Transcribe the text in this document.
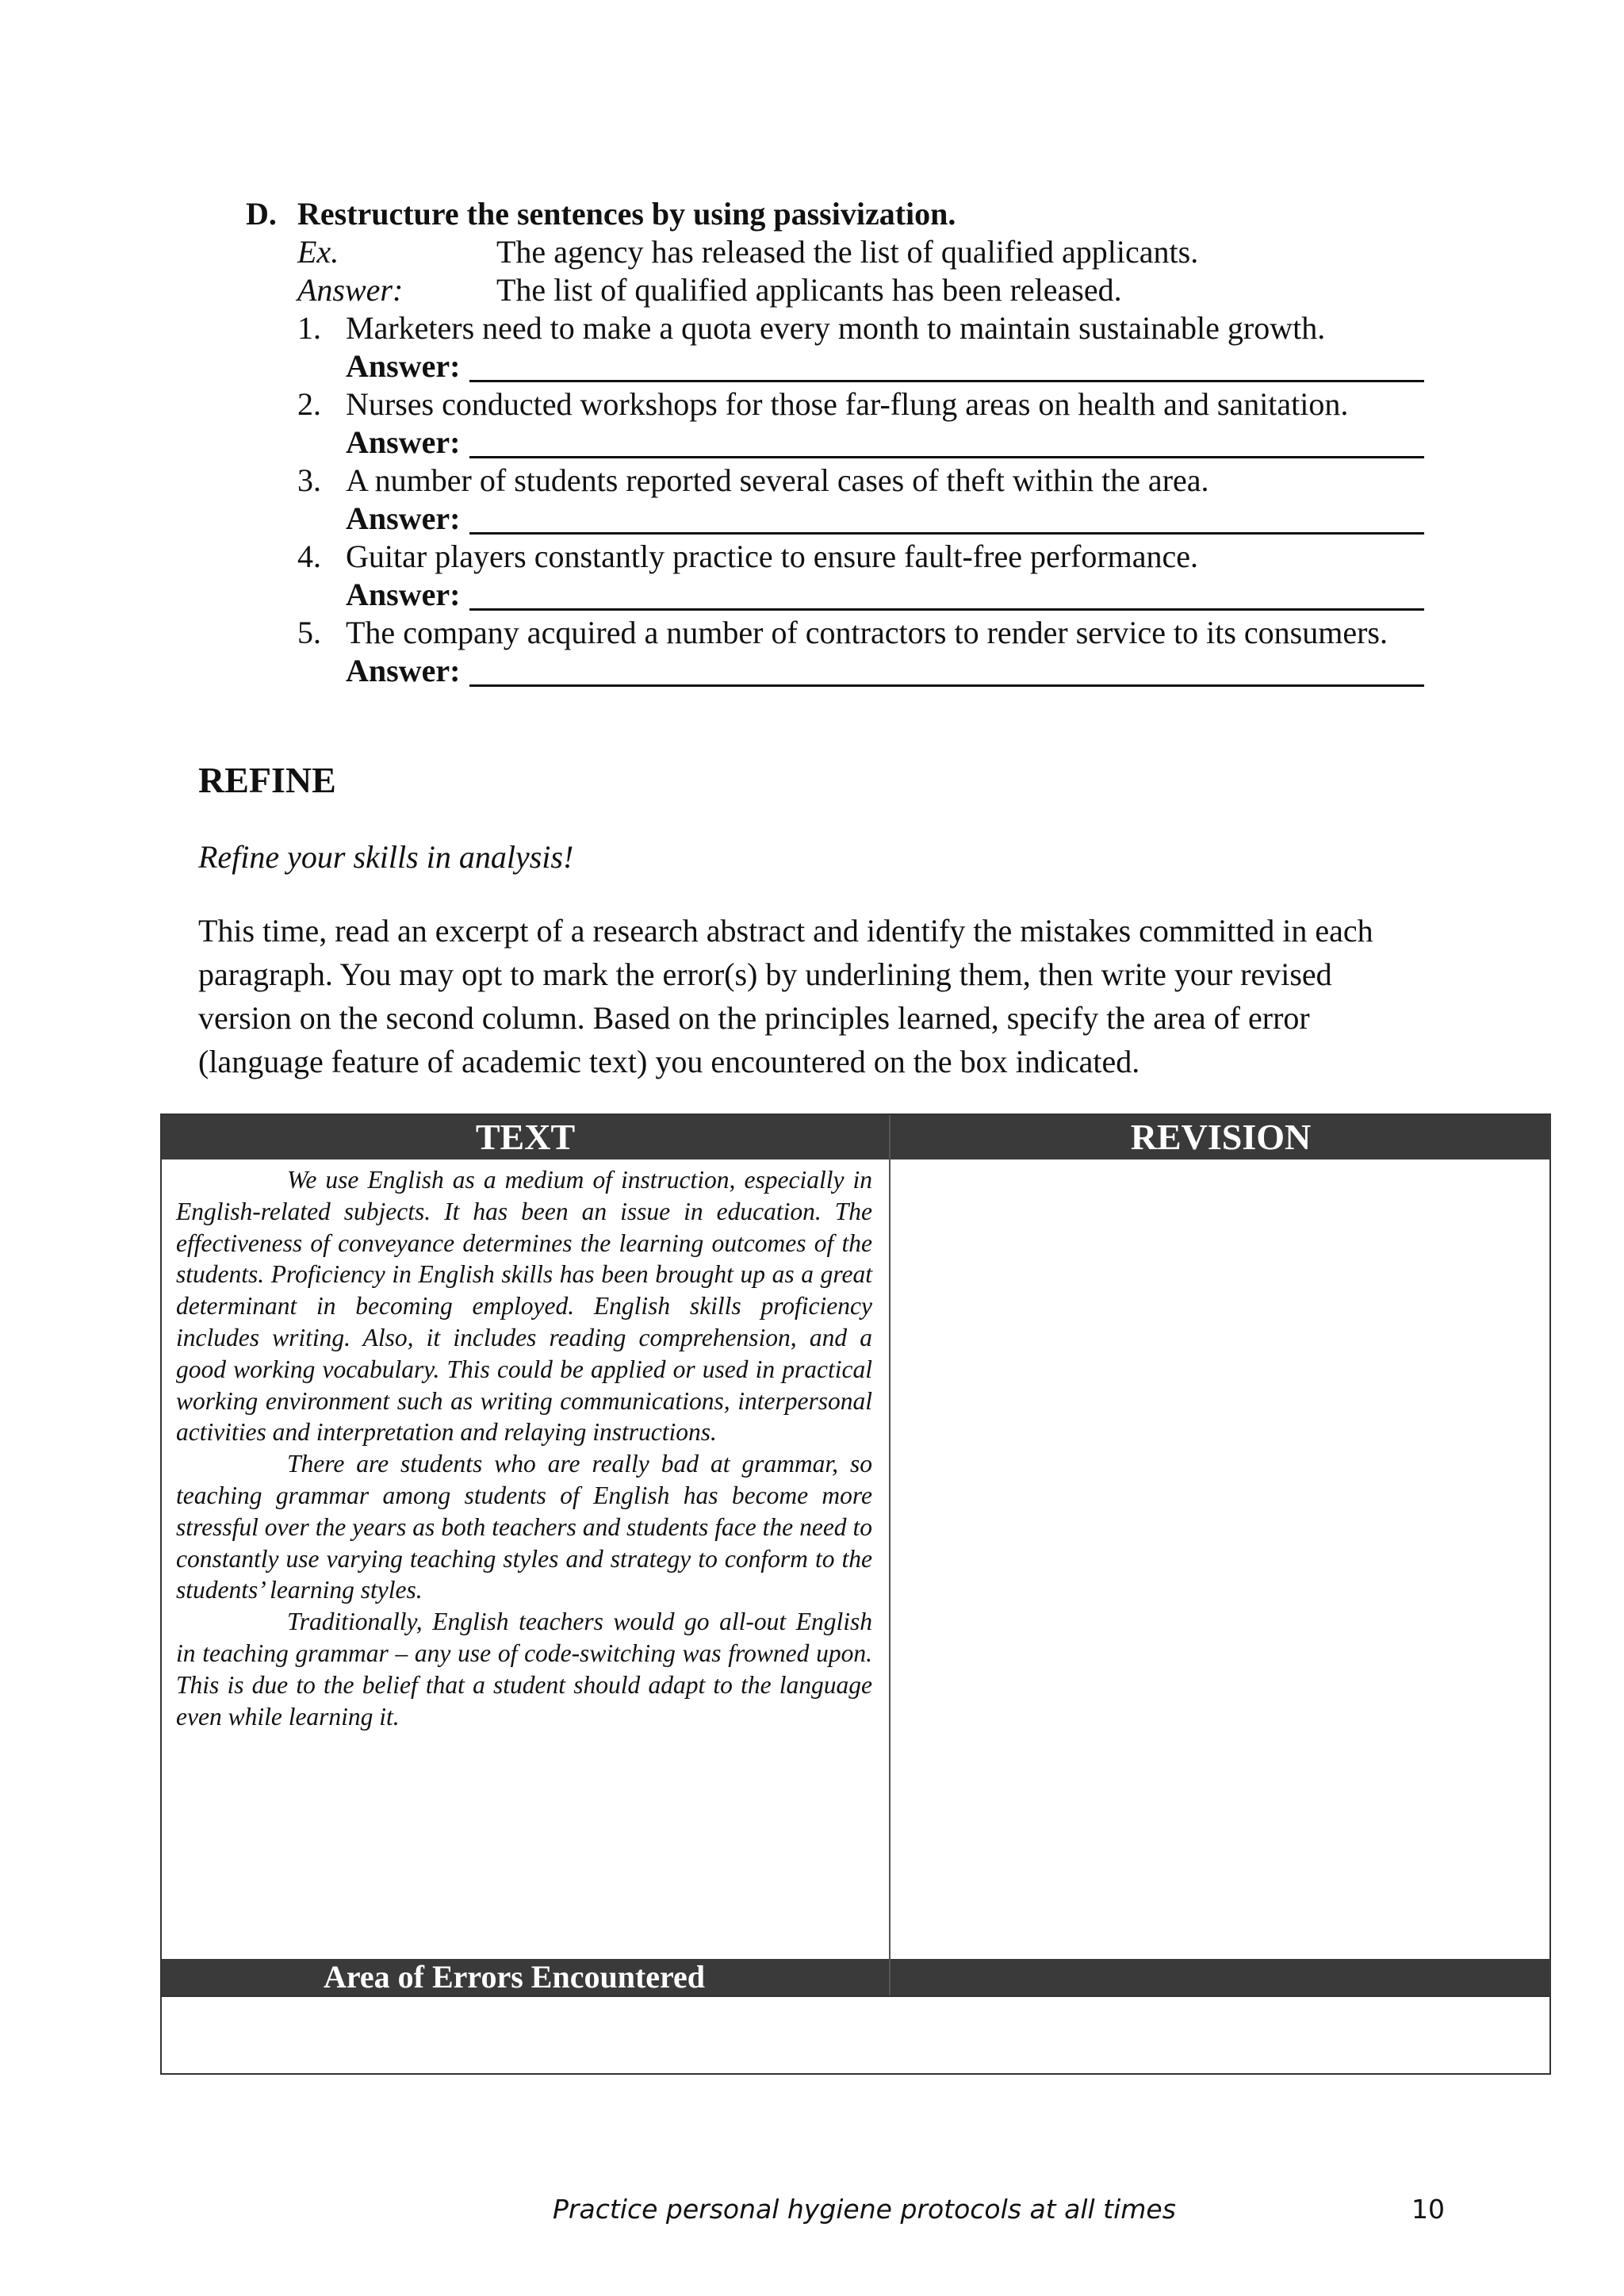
D. Restructure the sentences by using passivization.
Ex.	The agency has released the list of qualified applicants.
Answer:	The list of qualified applicants has been released.
1. Marketers need to make a quota every month to maintain sustainable growth.
Answer:
2. Nurses conducted workshops for those far-flung areas on health and sanitation.
Answer:
3. A number of students reported several cases of theft within the area.
Answer:
4. Guitar players constantly practice to ensure fault-free performance.
Answer:
5. The company acquired a number of contractors to render service to its consumers.
Answer:
REFINE
Refine your skills in analysis!
This time, read an excerpt of a research abstract and identify the mistakes committed in each
paragraph. You may opt to mark the error(s) by underlining them, then write your revised
version on the second column. Based on the principles learned, specify the area of error
(language feature of academic text) you encountered on the box indicated.
TEXT	REVISION

We use English as a medium of instruction, especially in English-related subjects. It has been an issue in education. The effectiveness of conveyance determines the learning outcomes of the students. Proficiency in English skills has been brought up as a great determinant in becoming employed. English skills proficiency includes writing. Also, it includes reading comprehension, and a good working vocabulary. This could be applied or used in practical working environment such as writing communications, interpersonal activities and interpretation and relaying instructions.

There are students who are really bad at grammar, so teaching grammar among students of English has become more stressful over the years as both teachers and students face the need to constantly use varying teaching styles and strategy to conform to the students’ learning styles.

Traditionally, English teachers would go all-out English in teaching grammar – any use of code-switching was frowned upon. This is due to the belief that a student should adapt to the language even while learning it.

Area of Errors Encountered
Practice personal hygiene protocols at all times	10
